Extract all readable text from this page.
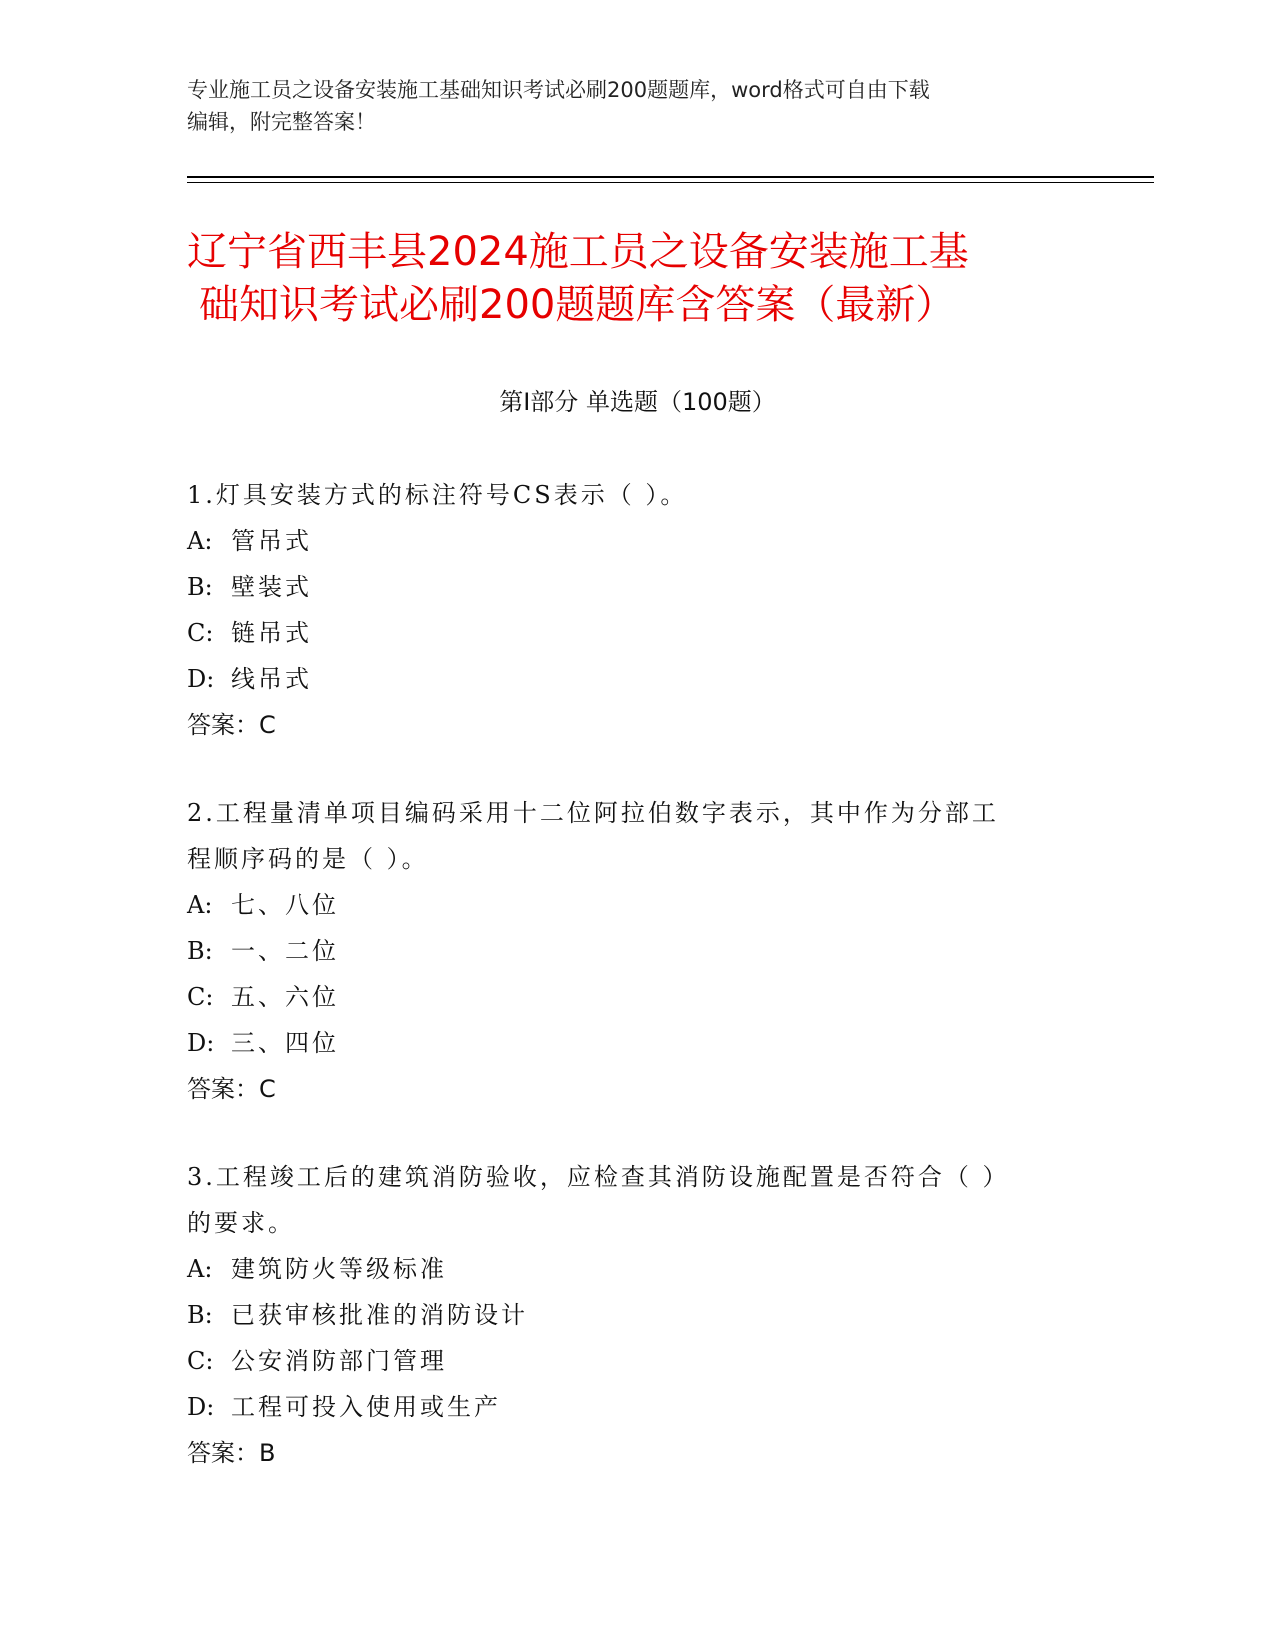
专业施工员之设备安装施工基础知识考试必刷200题题库，word格式可自由下载
编辑，附完整答案！
辽宁省西丰县2024施工员之设备安装施工基
础知识考试必刷200题题库含答案（最新）
第Ⅰ部分 单选题（100题）

1.灯具安装方式的标注符号CS表示（ ）。

A: 管吊式

B: 壁装式

C: 链吊式

D: 线吊式

答案：C

2.工程量清单项目编码采用十二位阿拉伯数字表示，其中作为分部工

程顺序码的是（ ）。

A: 七、八位

B: 一、二位

C: 五、六位

D: 三、四位

答案：C

3.工程竣工后的建筑消防验收，应检查其消防设施配置是否符合（ ）

的要求。

A: 建筑防火等级标准

B: 已获审核批准的消防设计

C: 公安消防部门管理

D: 工程可投入使用或生产

答案：B
